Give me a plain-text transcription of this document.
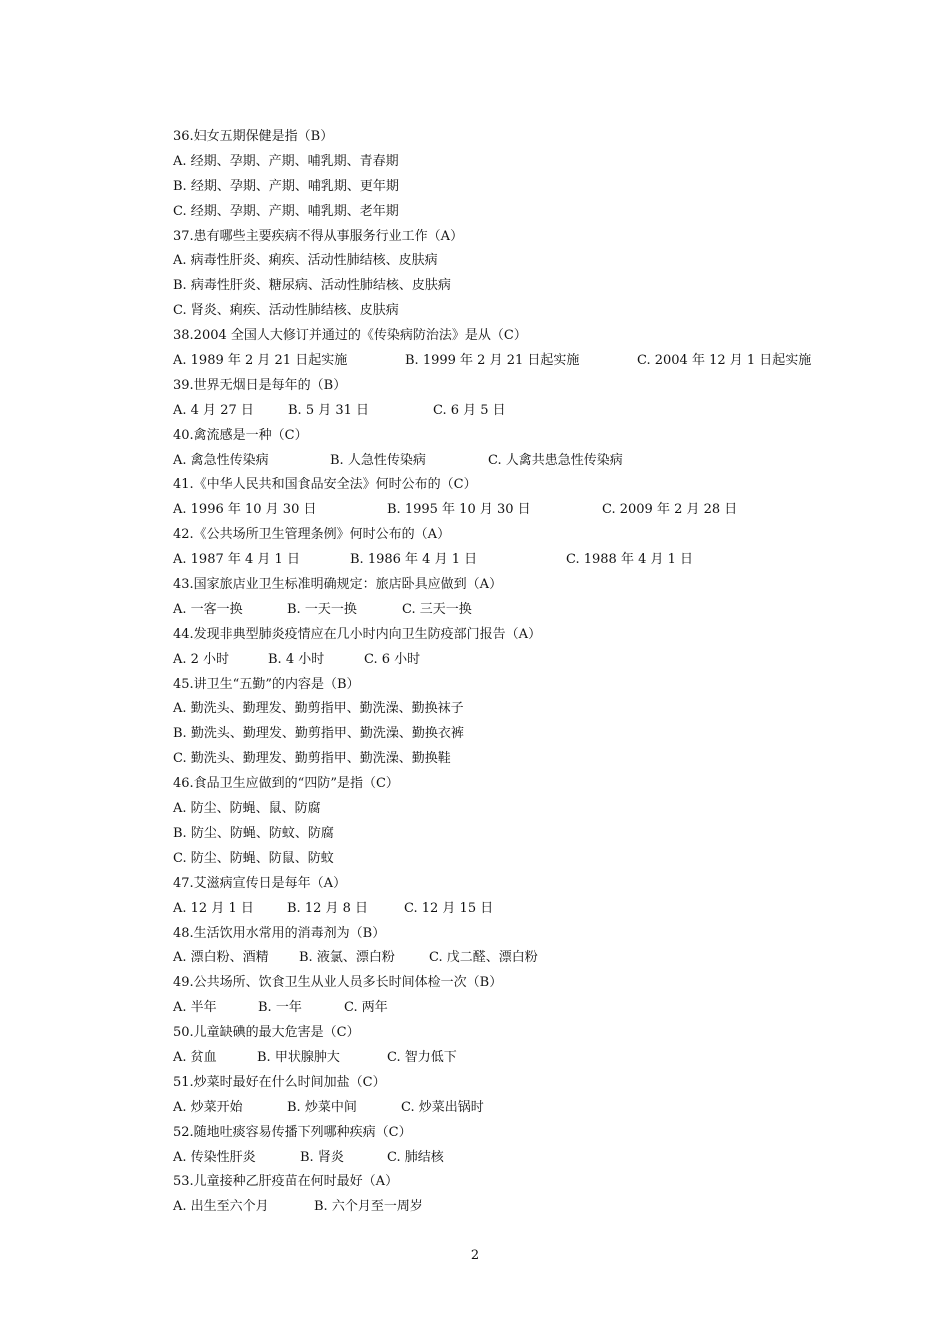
36.妇女五期保健是指（B）
A. 经期、孕期、产期、哺乳期、青春期
B. 经期、孕期、产期、哺乳期、更年期
C. 经期、孕期、产期、哺乳期、老年期
37.患有哪些主要疾病不得从事服务行业工作（A）
A. 病毒性肝炎、痢疾、活动性肺结核、皮肤病
B. 病毒性肝炎、糖尿病、活动性肺结核、皮肤病
C. 肾炎、痢疾、活动性肺结核、皮肤病
38.2004 全国人大修订并通过的《传染病防治法》是从（C）
A. 1989 年 2 月 21 日起实施	B. 1999 年 2 月 21 日起实施	C. 2004 年 12 月 1 日起实施
39.世界无烟日是每年的（B）
A. 4 月 27 日	B. 5 月 31 日	C. 6 月 5 日
40.禽流感是一种（C）
A. 禽急性传染病	B. 人急性传染病	C. 人禽共患急性传染病
41.《中华人民共和国食品安全法》何时公布的（C）
A. 1996 年 10 月 30 日	B. 1995 年 10 月 30 日	C. 2009 年 2 月 28 日
42.《公共场所卫生管理条例》何时公布的（A）
A. 1987 年 4 月 1 日	B. 1986 年 4 月 1 日	C. 1988 年 4 月 1 日
43.国家旅店业卫生标准明确规定：旅店卧具应做到（A）
A. 一客一换	B. 一天一换	C. 三天一换
44.发现非典型肺炎疫情应在几小时内向卫生防疫部门报告（A）
A. 2 小时	B. 4 小时	C. 6 小时
45.讲卫生“五勤”的内容是（B）
A. 勤洗头、勤理发、勤剪指甲、勤洗澡、勤换袜子
B. 勤洗头、勤理发、勤剪指甲、勤洗澡、勤换衣裤
C. 勤洗头、勤理发、勤剪指甲、勤洗澡、勤换鞋
46.食品卫生应做到的“四防”是指（C）
A. 防尘、防蝇、鼠、防腐
B. 防尘、防蝇、防蚊、防腐
C. 防尘、防蝇、防鼠、防蚊
47.艾滋病宣传日是每年（A）
A. 12 月 1 日	B. 12 月 8 日	C. 12 月 15 日
48.生活饮用水常用的消毒剂为（B）
A. 漂白粉、酒精 B. 液氯、漂白粉	C. 戊二醛、漂白粉
49.公共场所、饮食卫生从业人员多长时间体检一次（B）
A. 半年	B. 一年	C. 两年
50.儿童缺碘的最大危害是（C）
A. 贫血	B. 甲状腺肿大	C. 智力低下
51.炒菜时最好在什么时间加盐（C）
A. 炒菜开始	B. 炒菜中间	C. 炒菜出锅时
52.随地吐痰容易传播下列哪种疾病（C）
A. 传染性肝炎	B. 肾炎	C. 肺结核
53.儿童接种乙肝疫苗在何时最好（A）
A. 出生至六个月	B. 六个月至一周岁
2
